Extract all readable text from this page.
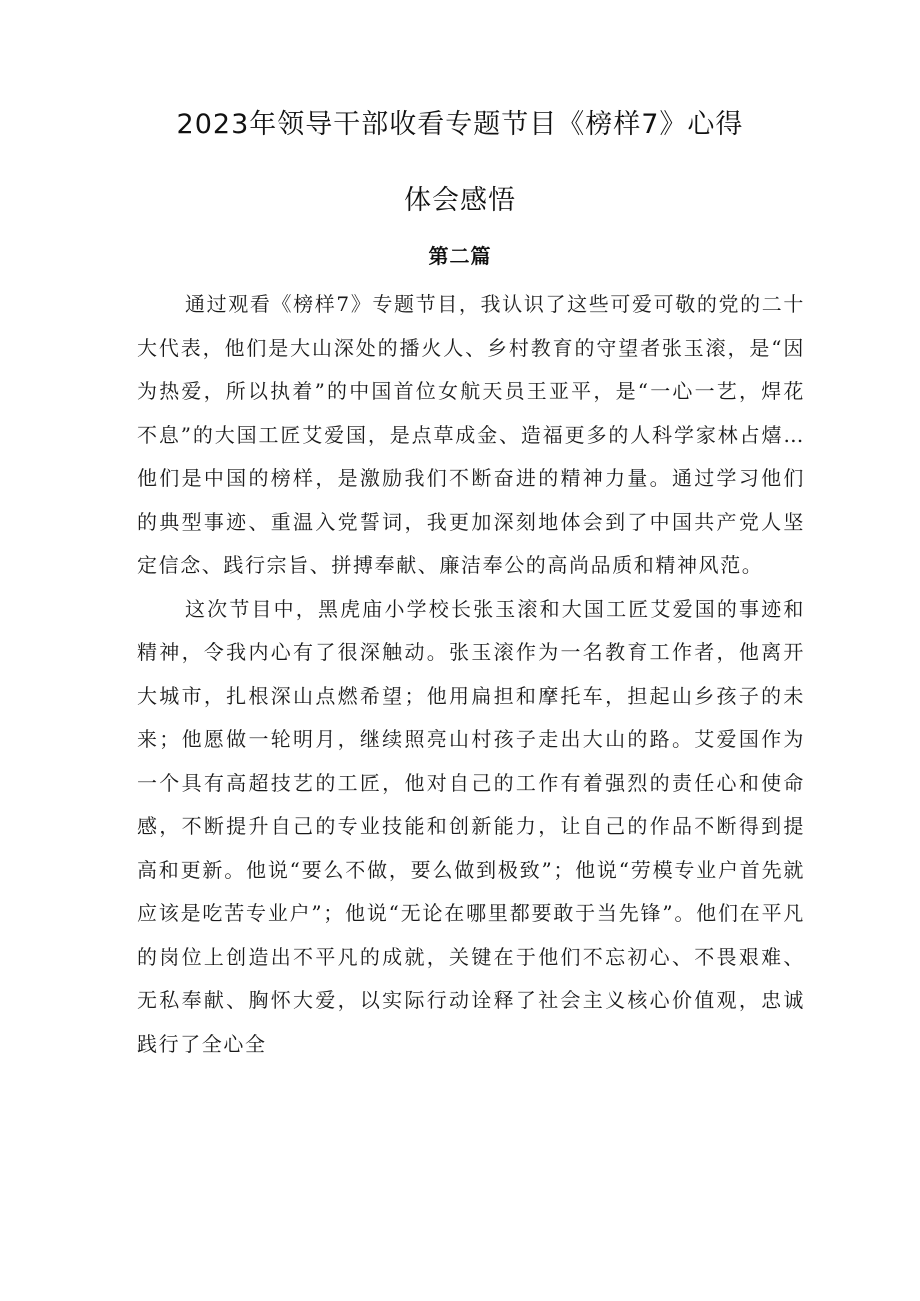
2023年领导干部收看专题节目《榜样7》心得
体会感悟
第二篇

通过观看《榜样7》专题节目，我认识了这些可爱可敬的党的二十大代表，他们是大山深处的播火人、乡村教育的守望者张玉滚，是“因为热爱，所以执着”的中国首位女航天员王亚平，是“一心一艺，焊花不息”的大国工匠艾爱国，是点草成金、造福更多的人科学家林占熺…他们是中国的榜样，是激励我们不断奋进的精神力量。通过学习他们的典型事迹、重温入党誓词，我更加深刻地体会到了中国共产党人坚定信念、践行宗旨、拼搏奉献、廉洁奉公的高尚品质和精神风范。

这次节目中，黑虎庙小学校长张玉滚和大国工匠艾爱国的事迹和精神，令我内心有了很深触动。张玉滚作为一名教育工作者，他离开大城市，扎根深山点燃希望；他用扁担和摩托车，担起山乡孩子的未来；他愿做一轮明月，继续照亮山村孩子走出大山的路。艾爱国作为一个具有高超技艺的工匠，他对自己的工作有着强烈的责任心和使命感，不断提升自己的专业技能和创新能力，让自己的作品不断得到提高和更新。他说“要么不做，要么做到极致”；他说“劳模专业户首先就应该是吃苦专业户”；他说“无论在哪里都要敢于当先锋”。他们在平凡的岗位上创造出不平凡的成就，关键在于他们不忘初心、不畏艰难、无私奉献、胸怀大爱，以实际行动诠释了社会主义核心价值观，忠诚践行了全心全
